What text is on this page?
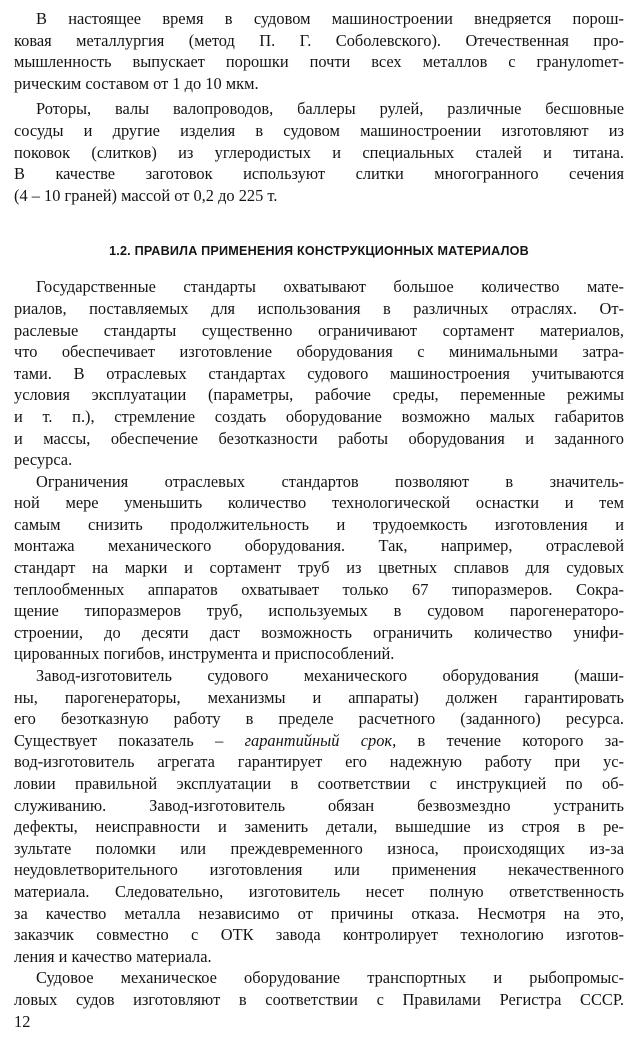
В настоящее время в судовом машиностроении внедряется порош-
ковая металлургия (метод П. Г. Соболевского). Отечественная про-
мышленность выпускает порошки почти всех металлов с гранулomет-
рическим составом от 1 до 10 мкм.
Роторы, валы валопроводов, баллеры рулей, различные бесшовные
сосуды и другие изделия в судовом машиностроении изготовляют из
поковок (слитков) из углеродистых и специальных сталей и титана.
В качестве заготовок используют слитки многогранного сечения
(4 – 10 граней) массой от 0,2 до 225 т.
1.2. ПРАВИЛА ПРИМЕНЕНИЯ КОНСТРУКЦИОННЫХ МАТЕРИАЛОВ
Государственные стандарты охватывают большое количество мате-
риалов, поставляемых для использования в различных отраслях. От-
раслевые стандарты существенно ограничивают сортамент материалов,
что обеспечивает изготовление оборудования с минимальными затра-
тами. В отраслевых стандартах судового машиностроения учитываются
условия эксплуатации (параметры, рабочие среды, переменные режимы
и т. п.), стремление создать оборудование возможно малых габаритов
и массы, обеспечение безотказности работы оборудования и заданного
ресурса.
Ограничения отраслевых стандартов позволяют в значитель-
ной мере уменьшить количество технологической оснастки и тем
самым снизить продолжительность и трудоемкость изготовления и
монтажа механического оборудования. Так, например, отраслевой
стандарт на марки и сортамент труб из цветных сплавов для судовых
теплообменных аппаратов охватывает только 67 типоразмеров. Сокра-
щение типоразмеров труб, используемых в судовом парогенераторо-
строении, до десяти даст возможность ограничить количество унифи-
цированных погибов, инструмента и приспособлений.
Завод-изготовитель судового механического оборудования (маши-
ны, парогенераторы, механизмы и аппараты) должен гарантировать
его безотказную работу в пределе расчетного (заданного) ресурса.
Существует показатель – гарантийный срок, в течение которого за-
вод-изготовитель агрегата гарантирует его надежную работу при ус-
ловии правильной эксплуатации в соответствии с инструкцией по об-
служиванию. Завод-изготовитель обязан безвозмездно устранить
дефекты, неисправности и заменить детали, вышедшие из строя в ре-
зультате поломки или преждевременного износа, происходящих из-за
неудовлетворительного изготовления или применения некачественного
материала. Следовательно, изготовитель несет полную ответственность
за качество металла независимо от причины отказа. Несмотря на это,
заказчик совместно с ОТК завода контролирует технологию изготов-
ления и качество материала.
Судовое механическое оборудование транспортных и рыбопромыс-
ловых судов изготовляют в соответствии с Правилами Регистра СССР.
12
